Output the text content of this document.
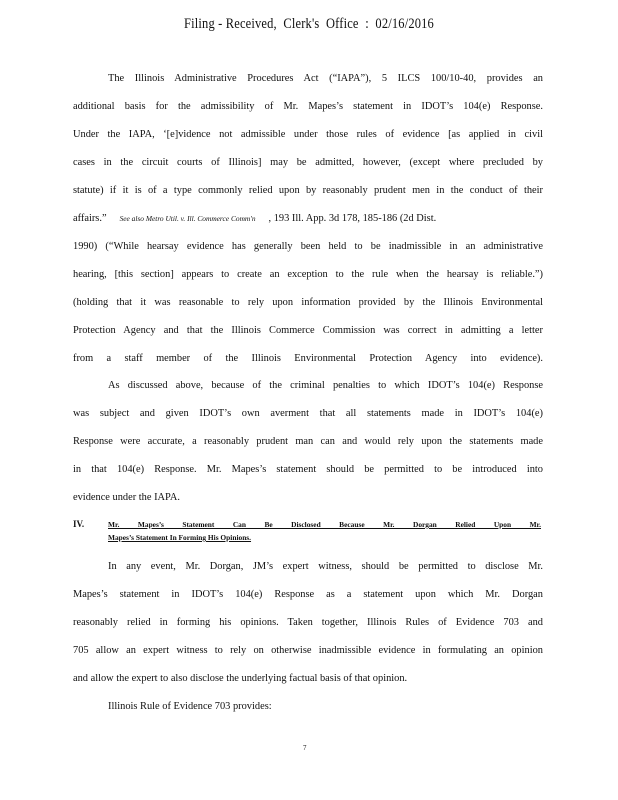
Filing - Received,  Clerk's  Office  :  02/16/2016
The Illinois Administrative Procedures Act (“IAPA”), 5 ILCS 100/10-40, provides an
additional basis for the admissibility of Mr. Mapes’s statement in IDOT’s 104(e) Response.
Under the IAPA, ‘[e]vidence not admissible under those rules of evidence [as applied in civil
cases in the circuit courts of Illinois] may be admitted, however, (except where precluded by
statute) if it is of a type commonly relied upon by reasonably prudent men in the conduct of their
affairs.” See also Metro Util. v. Ill. Commerce Comm'n , 193 Ill. App. 3d 178, 185-186 (2d Dist.
1990) (“While hearsay evidence has generally been held to be inadmissible in an administrative
hearing, [this section] appears to create an exception to the rule when the hearsay is reliable.”)
(holding that it was reasonable to rely upon information provided by the Illinois Environmental
Protection Agency and that the Illinois Commerce Commission was correct in admitting a letter
from a staff member of the Illinois Environmental Protection Agency into evidence).
As discussed above, because of the criminal penalties to which IDOT’s 104(e) Response
was subject and given IDOT’s own averment that all statements made in IDOT’s 104(e)
Response were accurate, a reasonably prudent man can and would rely upon the statements made
in that 104(e) Response. Mr. Mapes’s statement should be permitted to be introduced into
evidence under the IAPA.
IV.	Mr. Mapes’s Statement Can Be Disclosed Because Mr. Dorgan Relied Upon Mr.
Mapes’s Statement In Forming His Opinions.
In any event, Mr. Dorgan, JM’s expert witness, should be permitted to disclose Mr.
Mapes’s statement in IDOT’s 104(e) Response as a statement upon which Mr. Dorgan
reasonably relied in forming his opinions. Taken together, Illinois Rules of Evidence 703 and
705 allow an expert witness to rely on otherwise inadmissible evidence in formulating an opinion
and allow the expert to also disclose the underlying factual basis of that opinion.
Illinois Rule of Evidence 703 provides:
7
